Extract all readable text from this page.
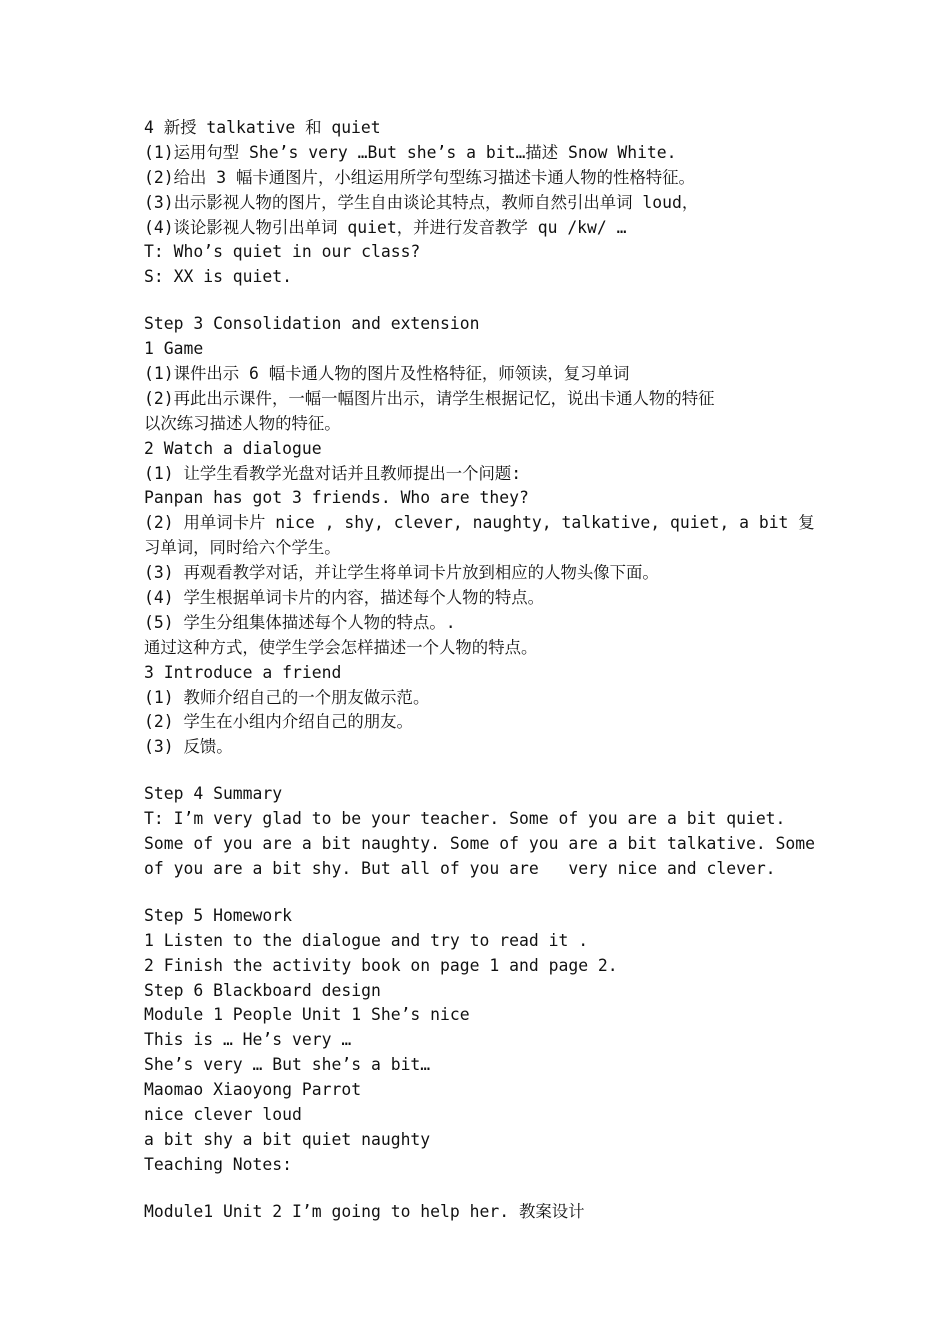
4 新授 talkative 和 quiet
(1)运用句型 She’s very …But she’s a bit…描述 Snow White.
(2)给出 3 幅卡通图片，小组运用所学句型练习描述卡通人物的性格特征。
(3)出示影视人物的图片，学生自由谈论其特点，教师自然引出单词 loud，
(4)谈论影视人物引出单词 quiet，并进行发音教学 qu /kw/ …
T: Who’s quiet in our class?
S: XX is quiet.
Step 3 Consolidation and extension
1 Game
(1)课件出示 6 幅卡通人物的图片及性格特征，师领读，复习单词
(2)再此出示课件，一幅一幅图片出示，请学生根据记忆，说出卡通人物的特征
以次练习描述人物的特征。
2 Watch a dialogue
(1) 让学生看教学光盘对话并且教师提出一个问题:
Panpan has got 3 friends. Who are they?
(2) 用单词卡片 nice , shy, clever, naughty, talkative, quiet, a bit 复
习单词，同时给六个学生。
(3) 再观看教学对话，并让学生将单词卡片放到相应的人物头像下面。
(4) 学生根据单词卡片的内容，描述每个人物的特点。
(5) 学生分组集体描述每个人物的特点。.
通过这种方式，使学生学会怎样描述一个人物的特点。
3 Introduce a friend
(1) 教师介绍自己的一个朋友做示范。
(2) 学生在小组内介绍自己的朋友。
(3) 反馈。
Step 4 Summary
T: I’m very glad to be your teacher. Some of you are a bit quiet.
Some of you are a bit naughty. Some of you are a bit talkative. Some
of you are a bit shy. But all of you are   very nice and clever.
Step 5 Homework
1 Listen to the dialogue and try to read it .
2 Finish the activity book on page 1 and page 2.
Step 6 Blackboard design
Module 1 People Unit 1 She’s nice
This is … He’s very …
She’s very … But she’s a bit…
Maomao Xiaoyong Parrot
nice clever loud
a bit shy a bit quiet naughty
Teaching Notes:
Module1 Unit 2 I’m going to help her. 教案设计
